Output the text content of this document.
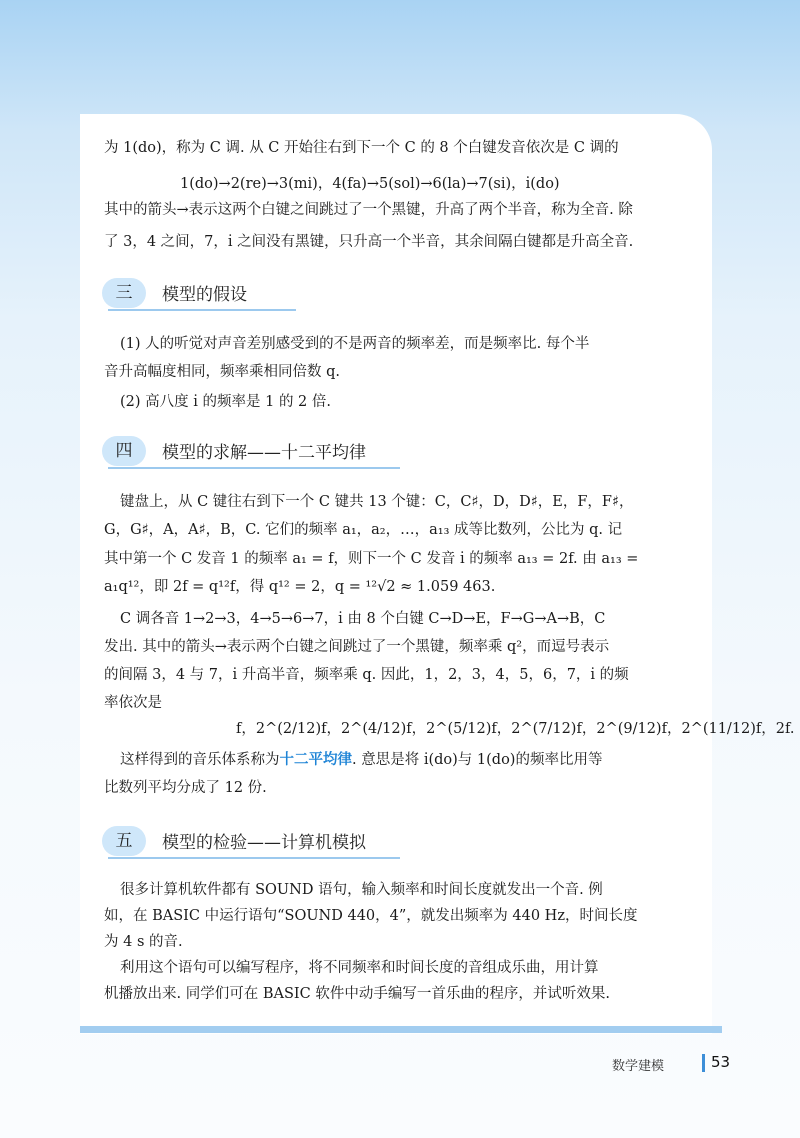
为 1(do)，称为 C 调. 从 C 开始往右到下一个 C 的 8 个白键发音依次是 C 调的
1(do)→2(re)→3(mi)，4(fa)→5(sol)→6(la)→7(si)，i̇(do)
其中的箭头→表示这两个白键之间跳过了一个黑键，升高了两个半音，称为全音. 除
了 3，4 之间，7，i̇ 之间没有黑键，只升高一个半音，其余间隔白键都是升高全音.
三	模型的假设
(1) 人的听觉对声音差别感受到的不是两音的频率差，而是频率比. 每个半
音升高幅度相同，频率乘相同倍数 q.
(2) 高八度 i̇ 的频率是 1 的 2 倍.
四	模型的求解——十二平均律
键盘上，从 C 键往右到下一个 C 键共 13 个键：C，C♯，D，D♯，E，F，F♯，
G，G♯，A，A♯，B，C. 它们的频率 a₁，a₂，…，a₁₃ 成等比数列，公比为 q. 记
其中第一个 C 发音 1 的频率 a₁ = f，则下一个 C 发音 i̇ 的频率 a₁₃ = 2f. 由 a₁₃ =
a₁q¹²，即 2f = q¹²f，得 q¹² = 2，q = ¹²√2 ≈ 1.059 463.
C 调各音 1→2→3，4→5→6→7，i̇ 由 8 个白键 C→D→E，F→G→A→B，C
发出. 其中的箭头→表示两个白键之间跳过了一个黑键，频率乘 q²，而逗号表示
的间隔 3，4 与 7，i̇ 升高半音，频率乘 q. 因此，1，2，3，4，5，6，7，i̇ 的频
率依次是
f，2^(2/12)f，2^(4/12)f，2^(5/12)f，2^(7/12)f，2^(9/12)f，2^(11/12)f，2f.
这样得到的音乐体系称为十二平均律. 意思是将 i̇(do)与 1(do)的频率比用等
比数列平均分成了 12 份.
五	模型的检验——计算机模拟
很多计算机软件都有 SOUND 语句，输入频率和时间长度就发出一个音. 例
如，在 BASIC 中运行语句“SOUND 440，4”，就发出频率为 440 Hz，时间长度
为 4 s 的音.
利用这个语句可以编写程序，将不同频率和时间长度的音组成乐曲，用计算
机播放出来. 同学们可在 BASIC 软件中动手编写一首乐曲的程序，并试听效果.
数学建模	53
